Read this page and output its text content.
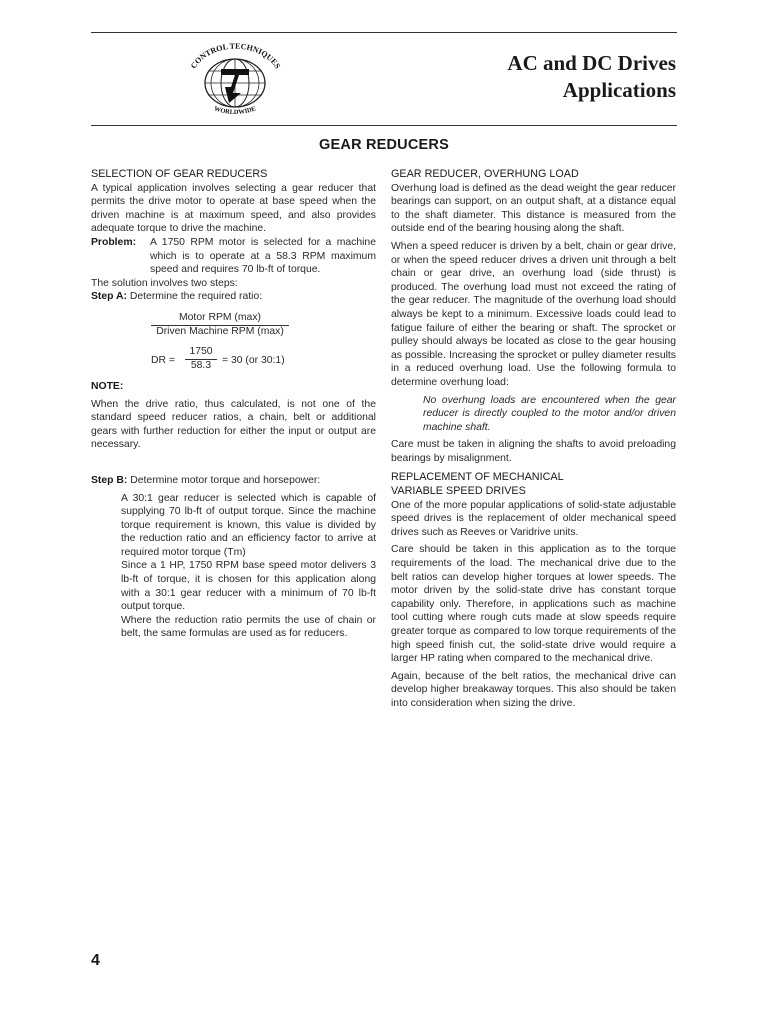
CONTROL TECHNIQUES
WORLDWIDE
AC and DC Drives
Applications
GEAR REDUCERS

SELECTION OF GEAR REDUCERS

A typical application involves selecting a gear reducer that permits the drive motor to operate at base speed when the driven machine is at maximum speed, and also provides adequate torque to drive the machine.

Problem: A 1750 RPM motor is selected for a machine which is to operate at a 58.3 RPM maximum speed and requires 70 lb-ft of torque.

The solution involves two steps:

Step A: Determine the required ratio:

Motor RPM (max)
Driven Machine RPM (max)
DR =
1750
58.3	= 30 (or 30:1)

NOTE:

When the drive ratio, thus calculated, is not one of the standard speed reducer ratios, a chain, belt or additional gears with further reduction for either the input or output are necessary.

Step B: Determine motor torque and horsepower:

A 30:1 gear reducer is selected which is capable of supplying 70 lb-ft of output torque. Since the machine torque requirement is known, this value is divided by the reduction ratio and an efficiency factor to arrive at required motor torque (Tm)

Since a 1 HP, 1750 RPM base speed motor delivers 3 lb-ft of torque, it is chosen for this application along with a 30:1 gear reducer with a minimum of 70 lb-ft output torque.

Where the reduction ratio permits the use of chain or belt, the same formulas are used as for reducers.

GEAR REDUCER, OVERHUNG LOAD

Overhung load is defined as the dead weight the gear reducer bearings can support, on an output shaft, at a distance equal to the shaft diameter. This distance is measured from the outside end of the bearing housing along the shaft.

When a speed reducer is driven by a belt, chain or gear drive, or when the speed reducer drives a driven unit through a belt chain or gear drive, an overhung load (side thrust) is produced. The overhung load must not exceed the rating of the gear reducer. The magnitude of the overhung load should always be kept to a minimum. Excessive loads could lead to fatigue failure of either the bearing or shaft. The sprocket or pulley should always be located as close to the gear housing as possible. Increasing the sprocket or pulley diameter results in a reduced overhung load. Use the following formula to determine overhung load:

No overhung loads are encountered when the gear reducer is directly coupled to the motor and/or driven machine shaft.

Care must be taken in aligning the shafts to avoid preloading bearings by misalignment.

REPLACEMENT OF MECHANICAL
VARIABLE SPEED DRIVES

One of the more popular applications of solid-state adjustable speed drives is the replacement of older mechanical speed drives such as Reeves or Varidrive units.

Care should be taken in this application as to the torque requirements of the load. The mechanical drive due to the belt ratios can develop higher torques at lower speeds. The motor driven by the solid-state drive has constant torque capability only. Therefore, in applications such as machine tool cutting where rough cuts made at slow speeds require greater torque as compared to low torque requirements of the high speed finish cut, the solid-state drive would require a larger HP rating when compared to the mechanical drive.

Again, because of the belt ratios, the mechanical drive can develop higher breakaway torques. This also should be taken into consideration when sizing the drive.

4
